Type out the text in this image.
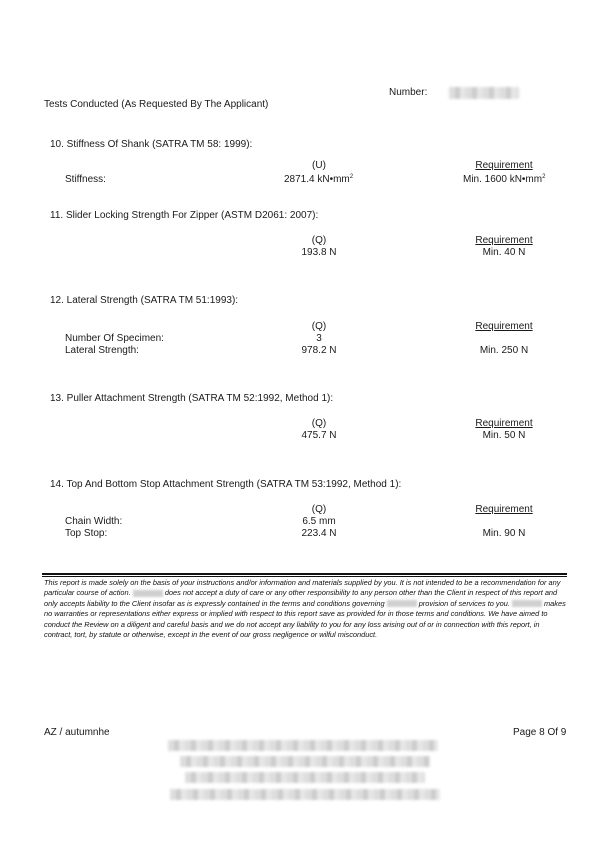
Number:
Tests Conducted (As Requested By The Applicant)
10. Stiffness Of Shank (SATRA TM 58: 1999):
(U)	Requirement
Stiffness:	2871.4 $kN•mm^2$	Min. 1600 $kN•mm^2$
11. Slider Locking Strength For Zipper (ASTM D2061: 2007):
(Q)	Requirement
193.8 N	Min. 40 N
12. Lateral Strength (SATRA TM 51:1993):
(Q)	Requirement
Number Of Specimen:	3
Lateral Strength:	978.2 N	Min. 250 N
13. Puller Attachment Strength (SATRA TM 52:1992, Method 1):
(Q)	Requirement
475.7 N	Min. 50 N
14. Top And Bottom Stop Attachment Strength (SATRA TM 53:1992, Method 1):
(Q)	Requirement
Chain Width:	6.5 mm
Top Stop:	223.4 N	Min. 90 N
This report is made solely on the basis of your instructions and/or information and materials supplied by you. It is not intended to be a recommendation for any particular course of action.	does not accept a duty of care or any other responsibility to any person other than the Client in respect of this report and only accepts liability to the Client insofar as is expressly contained in the terms and conditions governing	provision of services to you.	makes no warranties or representations either express or implied with respect to this report save as provided for in those terms and conditions. We have aimed to conduct the Review on a diligent and careful basis and we do not accept any liability to you for any loss arising out of or in connection with this report, in contract, tort, by statute or otherwise, except in the event of our gross negligence or wilful misconduct.
AZ / autumnhe	Page 8 Of 9
